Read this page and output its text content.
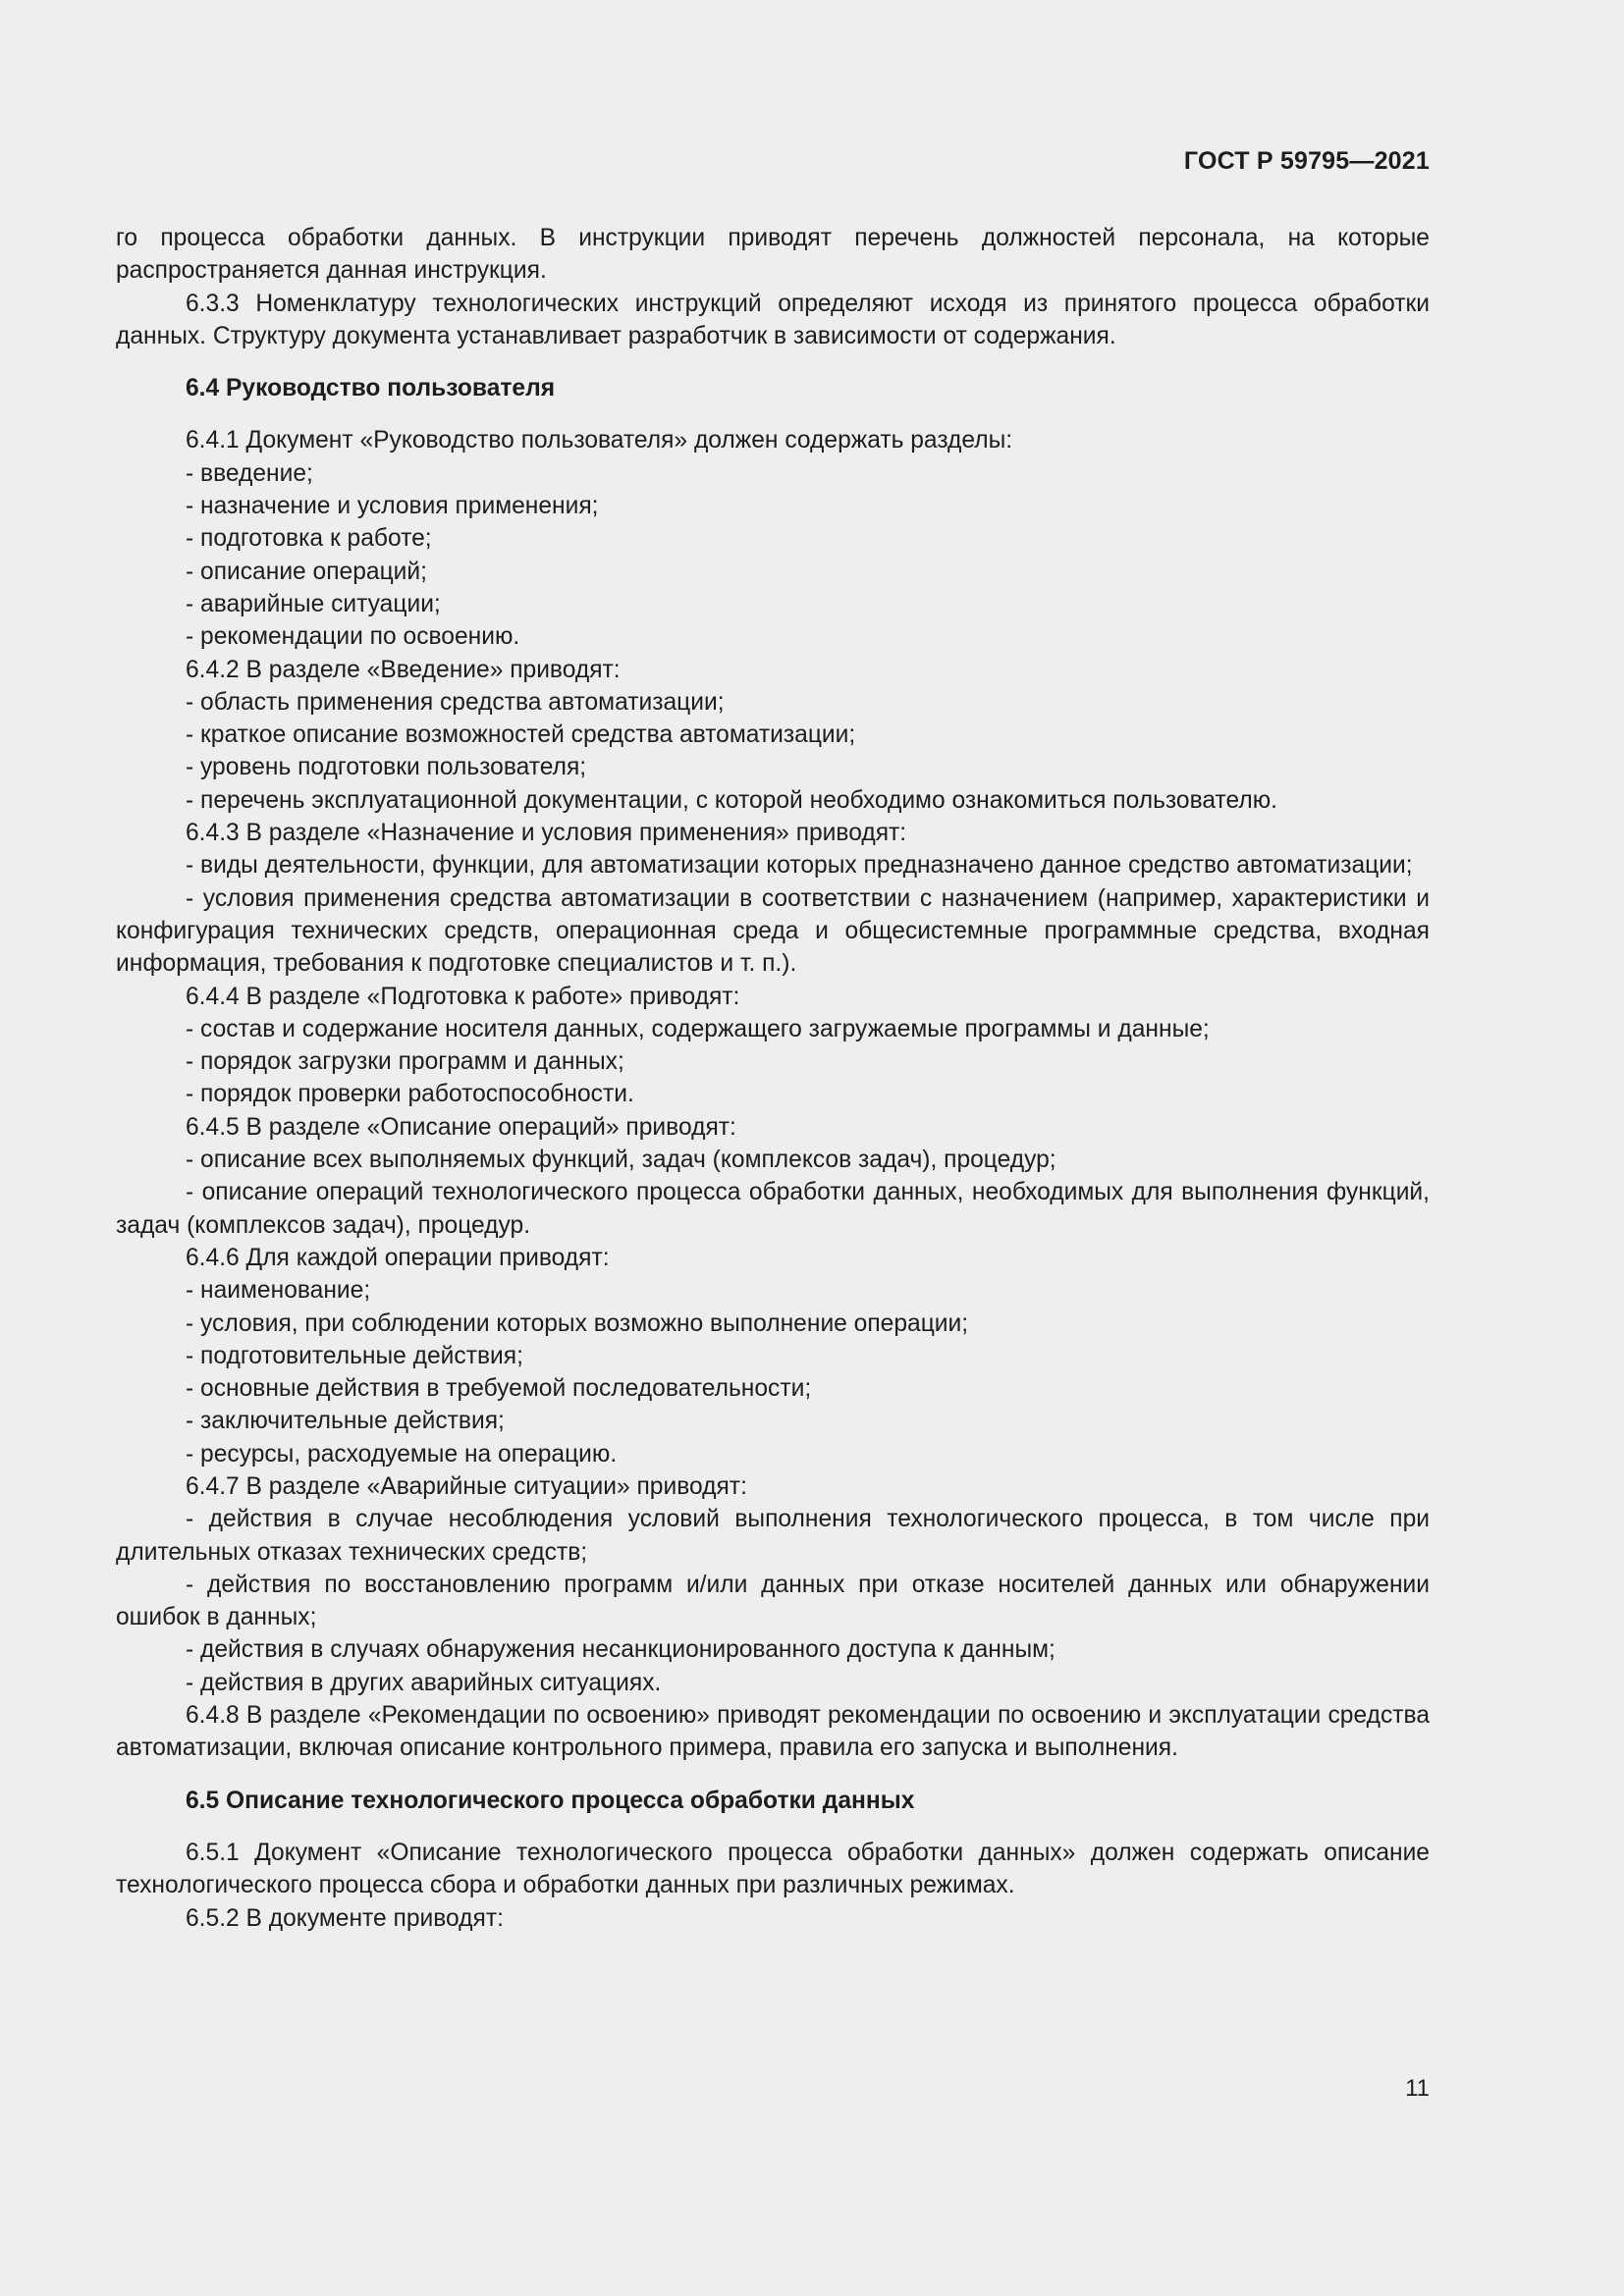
ГОСТ Р 59795—2021

го процесса обработки данных. В инструкции приводят перечень должностей персонала, на которые распространяется данная инструкция.

6.3.3 Номенклатуру технологических инструкций определяют исходя из принятого процесса обработки данных. Структуру документа устанавливает разработчик в зависимости от содержания.

6.4 Руководство пользователя

6.4.1 Документ «Руководство пользователя» должен содержать разделы:

- введение;

- назначение и условия применения;

- подготовка к работе;

- описание операций;

- аварийные ситуации;

- рекомендации по освоению.

6.4.2 В разделе «Введение» приводят:

- область применения средства автоматизации;

- краткое описание возможностей средства автоматизации;

- уровень подготовки пользователя;

- перечень эксплуатационной документации, с которой необходимо ознакомиться пользователю.

6.4.3 В разделе «Назначение и условия применения» приводят:

- виды деятельности, функции, для автоматизации которых предназначено данное средство автоматизации;

- условия применения средства автоматизации в соответствии с назначением (например, характеристики и конфигурация технических средств, операционная среда и общесистемные программные средства, входная информация, требования к подготовке специалистов и т. п.).

6.4.4 В разделе «Подготовка к работе» приводят:

- состав и содержание носителя данных, содержащего загружаемые программы и данные;

- порядок загрузки программ и данных;

- порядок проверки работоспособности.

6.4.5 В разделе «Описание операций» приводят:

- описание всех выполняемых функций, задач (комплексов задач), процедур;

- описание операций технологического процесса обработки данных, необходимых для выполнения функций, задач (комплексов задач), процедур.

6.4.6 Для каждой операции приводят:

- наименование;

- условия, при соблюдении которых возможно выполнение операции;

- подготовительные действия;

- основные действия в требуемой последовательности;

- заключительные действия;

- ресурсы, расходуемые на операцию.

6.4.7 В разделе «Аварийные ситуации» приводят:

- действия в случае несоблюдения условий выполнения технологического процесса, в том числе при длительных отказах технических средств;

- действия по восстановлению программ и/или данных при отказе носителей данных или обнаружении ошибок в данных;

- действия в случаях обнаружения несанкционированного доступа к данным;

- действия в других аварийных ситуациях.

6.4.8 В разделе «Рекомендации по освоению» приводят рекомендации по освоению и эксплуатации средства автоматизации, включая описание контрольного примера, правила его запуска и выполнения.

6.5 Описание технологического процесса обработки данных

6.5.1 Документ «Описание технологического процесса обработки данных» должен содержать описание технологического процесса сбора и обработки данных при различных режимах.

6.5.2 В документе приводят:

11
